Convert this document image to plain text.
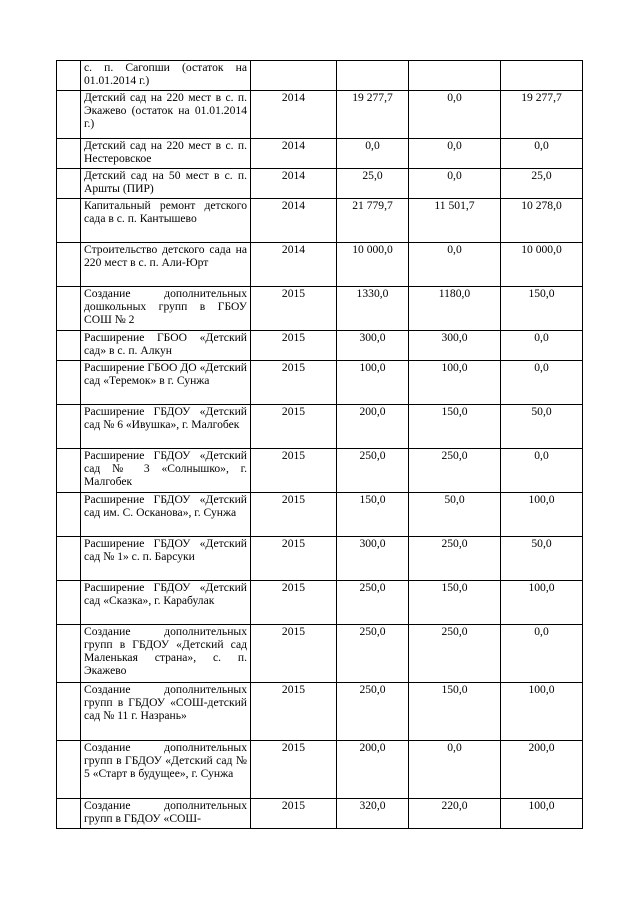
	с. п. Сагопши (остаток на 01.01.2014 г.)				
	Детский сад на 220 мест в с. п. Экажево (остаток на 01.01.2014 г.)	2014	19 277,7	0,0	19 277,7
	Детский сад на 220 мест в с. п. Нестеровское	2014	0,0	0,0	0,0
	Детский сад на 50 мест в с. п. Аршты (ПИР)	2014	25,0	0,0	25,0
	Капитальный ремонт детского сада в с. п. Кантышево	2014	21 779,7	11 501,7	10 278,0
	Строительство детского сада на 220 мест в с. п. Али-Юрт	2014	10 000,0	0,0	10 000,0
	Создание дополнительных дошкольных групп в ГБОУ СОШ № 2	2015	1330,0	1180,0	150,0
	Расширение ГБОО «Детский сад» в с. п. Алкун	2015	300,0	300,0	0,0
	Расширение ГБОО ДО «Детский сад «Теремок» в г. Сунжа	2015	100,0	100,0	0,0
	Расширение ГБДОУ «Детский сад № 6 «Ивушка», г. Малгобек	2015	200,0	150,0	50,0
	Расширение ГБДОУ «Детский сад № 3 «Солнышко», г. Малгобек	2015	250,0	250,0	0,0
	Расширение ГБДОУ «Детский сад им. С. Осканова», г. Сунжа	2015	150,0	50,0	100,0
	Расширение ГБДОУ «Детский сад № 1» с. п. Барсуки	2015	300,0	250,0	50,0
	Расширение ГБДОУ «Детский сад «Сказка», г. Карабулак	2015	250,0	150,0	100,0
	Создание дополнительных групп в ГБДОУ «Детский сад Маленькая страна», с. п. Экажево	2015	250,0	250,0	0,0
	Создание дополнительных групп в ГБДОУ «СОШ-детский сад № 11 г. Назрань»	2015	250,0	150,0	100,0
	Создание дополнительных групп в ГБДОУ «Детский сад № 5 «Старт в будущее», г. Сунжа	2015	200,0	0,0	200,0
	Создание дополнительных групп в ГБДОУ «СОШ-	2015	320,0	220,0	100,0
